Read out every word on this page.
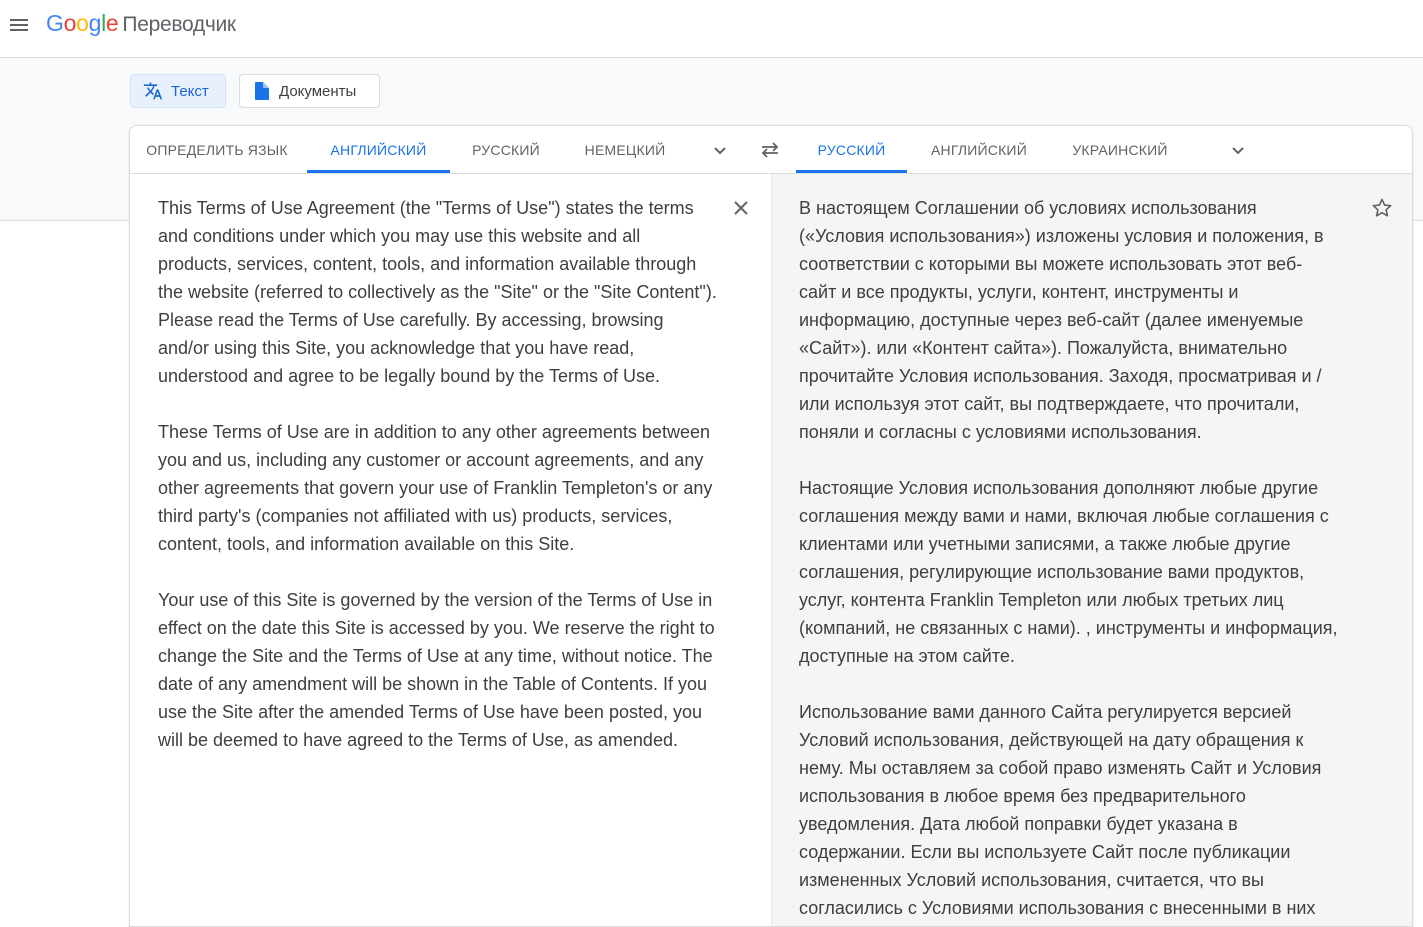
Google Переводчик
Текст	Документы
ОПРЕДЕЛИТЬ ЯЗЫК	АНГЛИЙСКИЙ	РУССКИЙ	НЕМЕЦКИЙ	РУССКИЙ	АНГЛИЙСКИЙ	УКРАИНСКИЙ
This Terms of Use Agreement (the "Terms of Use") states the terms
and conditions under which you may use this website and all
products, services, content, tools, and information available through
the website (referred to collectively as the "Site" or the "Site Content").
Please read the Terms of Use carefully. By accessing, browsing
and/or using this Site, you acknowledge that you have read,
understood and agree to be legally bound by the Terms of Use.

These Terms of Use are in addition to any other agreements between
you and us, including any customer or account agreements, and any
other agreements that govern your use of Franklin Templeton's or any
third party's (companies not affiliated with us) products, services,
content, tools, and information available on this Site.

Your use of this Site is governed by the version of the Terms of Use in
effect on the date this Site is accessed by you. We reserve the right to
change the Site and the Terms of Use at any time, without notice. The
date of any amendment will be shown in the Table of Contents. If you
use the Site after the amended Terms of Use have been posted, you
will be deemed to have agreed to the Terms of Use, as amended.
В настоящем Соглашении об условиях использования
(«Условия использования») изложены условия и положения, в
соответствии с которыми вы можете использовать этот веб-
сайт и все продукты, услуги, контент, инструменты и
информацию, доступные через веб-сайт (далее именуемые
«Сайт»). или «Контент сайта»). Пожалуйста, внимательно
прочитайте Условия использования. Заходя, просматривая и /
или используя этот сайт, вы подтверждаете, что прочитали,
поняли и согласны с условиями использования.

Настоящие Условия использования дополняют любые другие
соглашения между вами и нами, включая любые соглашения с
клиентами или учетными записями, а также любые другие
соглашения, регулирующие использование вами продуктов,
услуг, контента Franklin Templeton или любых третьих лиц
(компаний, не связанных с нами). , инструменты и информация,
доступные на этом сайте.

Использование вами данного Сайта регулируется версией
Условий использования, действующей на дату обращения к
нему. Мы оставляем за собой право изменять Сайт и Условия
использования в любое время без предварительного
уведомления. Дата любой поправки будет указана в
содержании. Если вы используете Сайт после публикации
измененных Условий использования, считается, что вы
согласились с Условиями использования с внесенными в них
